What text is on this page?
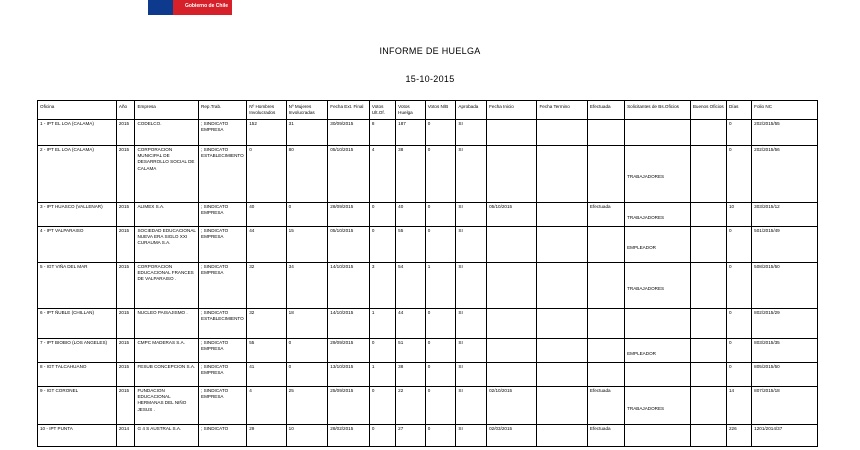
Gobierno de Chile
INFORME DE HUELGA
15-10-2015
Oficina	Año	Empresa	Rep.Trab.	Nº Hombres Involucrados	Nº Mujeres Involucradas	Fecha Ext. Final	Votos Ult.Of.	Votos Huelga	Votos N/B	Aprobada	Fecha Inicio	Fecha Termino	Efectuada	Solicitantes de Bs.Oficios	Buenos Oficios	Días	Folio NC
1 - IPT EL LOA (CALAMA)	2015	CODELCO.	; SINDICATO EMPRESA	152	31	30/09/2015	8	187	0	SI						0	202/2015/55
2 - IPT EL LOA (CALAMA)	2015	CORPORACION MUNICIPAL DE DESARROLLO SOCIAL DE CALAMA	; SINDICATO ESTABLECIMIENTO	0	80	05/10/2015	4	38	0	SI				TRABAJADORES		0	202/2015/56
3 - IPT HUASCO (VALLENAR)	2015	ALIMEX S.A.	; SINDICATO EMPRESA	40	0	28/09/2015	0	40	0	SI	05/10/2015		Efectuada	TRABAJADORES		10	303/2015/12
4 - IPT VALPARAISO	2015	SOCIEDAD EDUCACIONAL NUEVA ERA SIGLO XXI CURAUMA S.A.	; SINDICATO EMPRESA	44	15	05/10/2015	0	55	0	SI				EMPLEADOR		0	501/2015/49
5 - IGT VIÑA DEL MAR	2015	CORPORACION EDUCACIONAL FRANCES DE VALPARAISO .	; SINDICATO EMPRESA	32	34	14/10/2015	3	54	1	SI				TRABAJADORES		0	508/2015/50
6 - IPT ÑUBLE (CHILLAN)	2015	NUCLEO PAISAJISMO .	; SINDICATO ESTABLECIMIENTO	32	18	14/10/2015	1	44	0	SI						0	802/2015/29
7 - IPT BIOBIO (LOS ANGELES)	2015	CMPC MADERAS S.A.	; SINDICATO EMPRESA	55	0	29/09/2015	0	51	0	SI				EMPLEADOR		0	803/2015/35
8 - IGT TALCAHUANO	2015	FESUB CONCEPCION S.A.	; SINDICATO EMPRESA	41	0	13/10/2015	1	38	0	SI						0	805/2015/50
9 - IGT CORONEL	2015	FUNDACION EDUCACIONAL HERMANAS DEL NIÑO JESUS .	; SINDICATO EMPRESA	4	25	25/09/2015	0	22	0	SI	02/10/2015		Efectuada	TRABAJADORES		14	807/2015/18
10 - IPT PUNTA	2014	G 4 S AUSTRAL S.A.	; SINDICATO	29	10	28/02/2015	0	27	0	SI	02/03/2015		Efectuada			226	1201/2014/37
